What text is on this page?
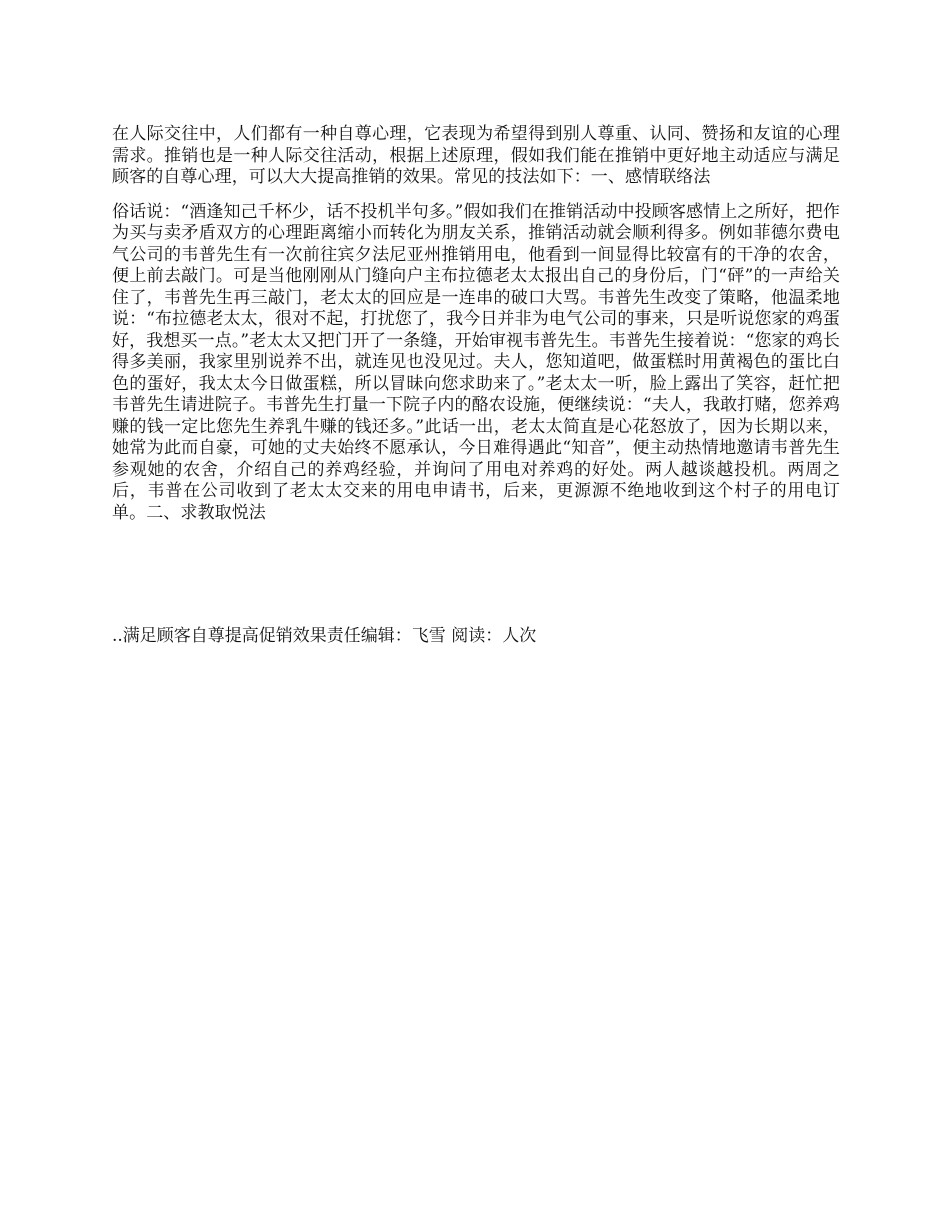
在人际交往中，人们都有一种自尊心理，它表现为希望得到别人尊重、认同、赞扬和友谊的心理需求。推销也是一种人际交往活动，根据上述原理，假如我们能在推销中更好地主动适应与满足顾客的自尊心理，可以大大提高推销的效果。常见的技法如下：一、感情联络法

俗话说：“酒逢知己千杯少，话不投机半句多。”假如我们在推销活动中投顾客感情上之所好，把作为买与卖矛盾双方的心理距离缩小而转化为朋友关系，推销活动就会顺利得多。例如菲德尔费电气公司的韦普先生有一次前往宾夕法尼亚州推销用电，他看到一间显得比较富有的干净的农舍，便上前去敲门。可是当他刚刚从门缝向户主布拉德老太太报出自己的身份后，门“砰”的一声给关住了，韦普先生再三敲门，老太太的回应是一连串的破口大骂。韦普先生改变了策略，他温柔地说：“布拉德老太太，很对不起，打扰您了，我今日并非为电气公司的事来，只是听说您家的鸡蛋好，我想买一点。”老太太又把门开了一条缝，开始审视韦普先生。韦普先生接着说：“您家的鸡长得多美丽，我家里别说养不出，就连见也没见过。夫人，您知道吧，做蛋糕时用黄褐色的蛋比白色的蛋好，我太太今日做蛋糕，所以冒昧向您求助来了。”老太太一听，脸上露出了笑容，赶忙把韦普先生请进院子。韦普先生打量一下院子内的酪农设施，便继续说：“夫人，我敢打赌，您养鸡赚的钱一定比您先生养乳牛赚的钱还多。”此话一出，老太太简直是心花怒放了，因为长期以来，她常为此而自豪，可她的丈夫始终不愿承认，今日难得遇此“知音”，便主动热情地邀请韦普先生参观她的农舍，介绍自己的养鸡经验，并询问了用电对养鸡的好处。两人越谈越投机。两周之后，韦普在公司收到了老太太交来的用电申请书，后来，更源源不绝地收到这个村子的用电订单。二、求教取悦法

..满足顾客自尊提高促销效果责任编辑：飞雪 阅读：人次
